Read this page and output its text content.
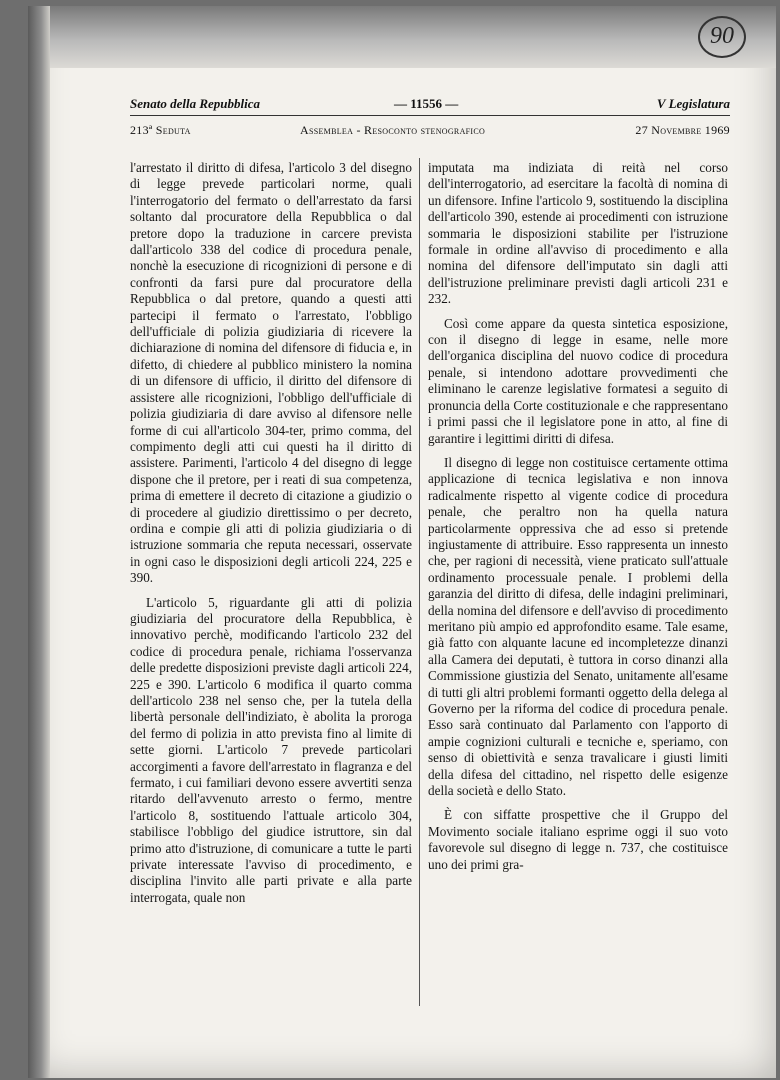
90
Senato della Repubblica	— 11556 —	V Legislatura
213ª Seduta	Assemblea - Resoconto stenografico	27 Novembre 1969

l'arrestato il diritto di difesa, l'articolo 3 del disegno di legge prevede particolari norme, quali l'interrogatorio del fermato o dell'arrestato da farsi soltanto dal procuratore della Repubblica o dal pretore dopo la traduzione in carcere prevista dall'articolo 338 del codice di procedura penale, nonchè la esecuzione di ricognizioni di persone e di confronti da farsi pure dal procuratore della Repubblica o dal pretore, quando a questi atti partecipi il fermato o l'arrestato, l'obbligo dell'ufficiale di polizia giudiziaria di ricevere la dichiarazione di nomina del difensore di fiducia e, in difetto, di chiedere al pubblico ministero la nomina di un difensore di ufficio, il diritto del difensore di assistere alle ricognizioni, l'obbligo dell'ufficiale di polizia giudiziaria di dare avviso al difensore nelle forme di cui all'articolo 304-ter, primo comma, del compimento degli atti cui questi ha il diritto di assistere. Parimenti, l'articolo 4 del disegno di legge dispone che il pretore, per i reati di sua competenza, prima di emettere il decreto di citazione a giudizio o di procedere al giudizio direttissimo o per decreto, ordina e compie gli atti di polizia giudiziaria o di istruzione sommaria che reputa necessari, osservate in ogni caso le disposizioni degli articoli 224, 225 e 390.

L'articolo 5, riguardante gli atti di polizia giudiziaria del procuratore della Repubblica, è innovativo perchè, modificando l'articolo 232 del codice di procedura penale, richiama l'osservanza delle predette disposizioni previste dagli articoli 224, 225 e 390. L'articolo 6 modifica il quarto comma dell'articolo 238 nel senso che, per la tutela della libertà personale dell'indiziato, è abolita la proroga del fermo di polizia in atto prevista fino al limite di sette giorni. L'articolo 7 prevede particolari accorgimenti a favore dell'arrestato in flagranza e del fermato, i cui familiari devono essere avvertiti senza ritardo dell'avvenuto arresto o fermo, mentre l'articolo 8, sostituendo l'attuale articolo 304, stabilisce l'obbligo del giudice istruttore, sin dal primo atto d'istruzione, di comunicare a tutte le parti private interessate l'avviso di procedimento, e disciplina l'invito alle parti private e alla parte interrogata, quale non

imputata ma indiziata di reità nel corso dell'interrogatorio, ad esercitare la facoltà di nomina di un difensore. Infine l'articolo 9, sostituendo la disciplina dell'articolo 390, estende ai procedimenti con istruzione sommaria le disposizioni stabilite per l'istruzione formale in ordine all'avviso di procedimento e alla nomina del difensore dell'imputato sin dagli atti dell'istruzione preliminare previsti dagli articoli 231 e 232.

Così come appare da questa sintetica esposizione, con il disegno di legge in esame, nelle more dell'organica disciplina del nuovo codice di procedura penale, si intendono adottare provvedimenti che eliminano le carenze legislative formatesi a seguito di pronuncia della Corte costituzionale e che rappresentano i primi passi che il legislatore pone in atto, al fine di garantire i legittimi diritti di difesa.

Il disegno di legge non costituisce certamente ottima applicazione di tecnica legislativa e non innova radicalmente rispetto al vigente codice di procedura penale, che peraltro non ha quella natura particolarmente oppressiva che ad esso si pretende ingiustamente di attribuire. Esso rappresenta un innesto che, per ragioni di necessità, viene praticato sull'attuale ordinamento processuale penale. I problemi della garanzia del diritto di difesa, delle indagini preliminari, della nomina del difensore e dell'avviso di procedimento meritano più ampio ed approfondito esame. Tale esame, già fatto con alquante lacune ed incompletezze dinanzi alla Camera dei deputati, è tuttora in corso dinanzi alla Commissione giustizia del Senato, unitamente all'esame di tutti gli altri problemi formanti oggetto della delega al Governo per la riforma del codice di procedura penale. Esso sarà continuato dal Parlamento con l'apporto di ampie cognizioni culturali e tecniche e, speriamo, con senso di obiettività e senza travalicare i giusti limiti della difesa del cittadino, nel rispetto delle esigenze della società e dello Stato.

È con siffatte prospettive che il Gruppo del Movimento sociale italiano esprime oggi il suo voto favorevole sul disegno di legge n. 737, che costituisce uno dei primi gra-
